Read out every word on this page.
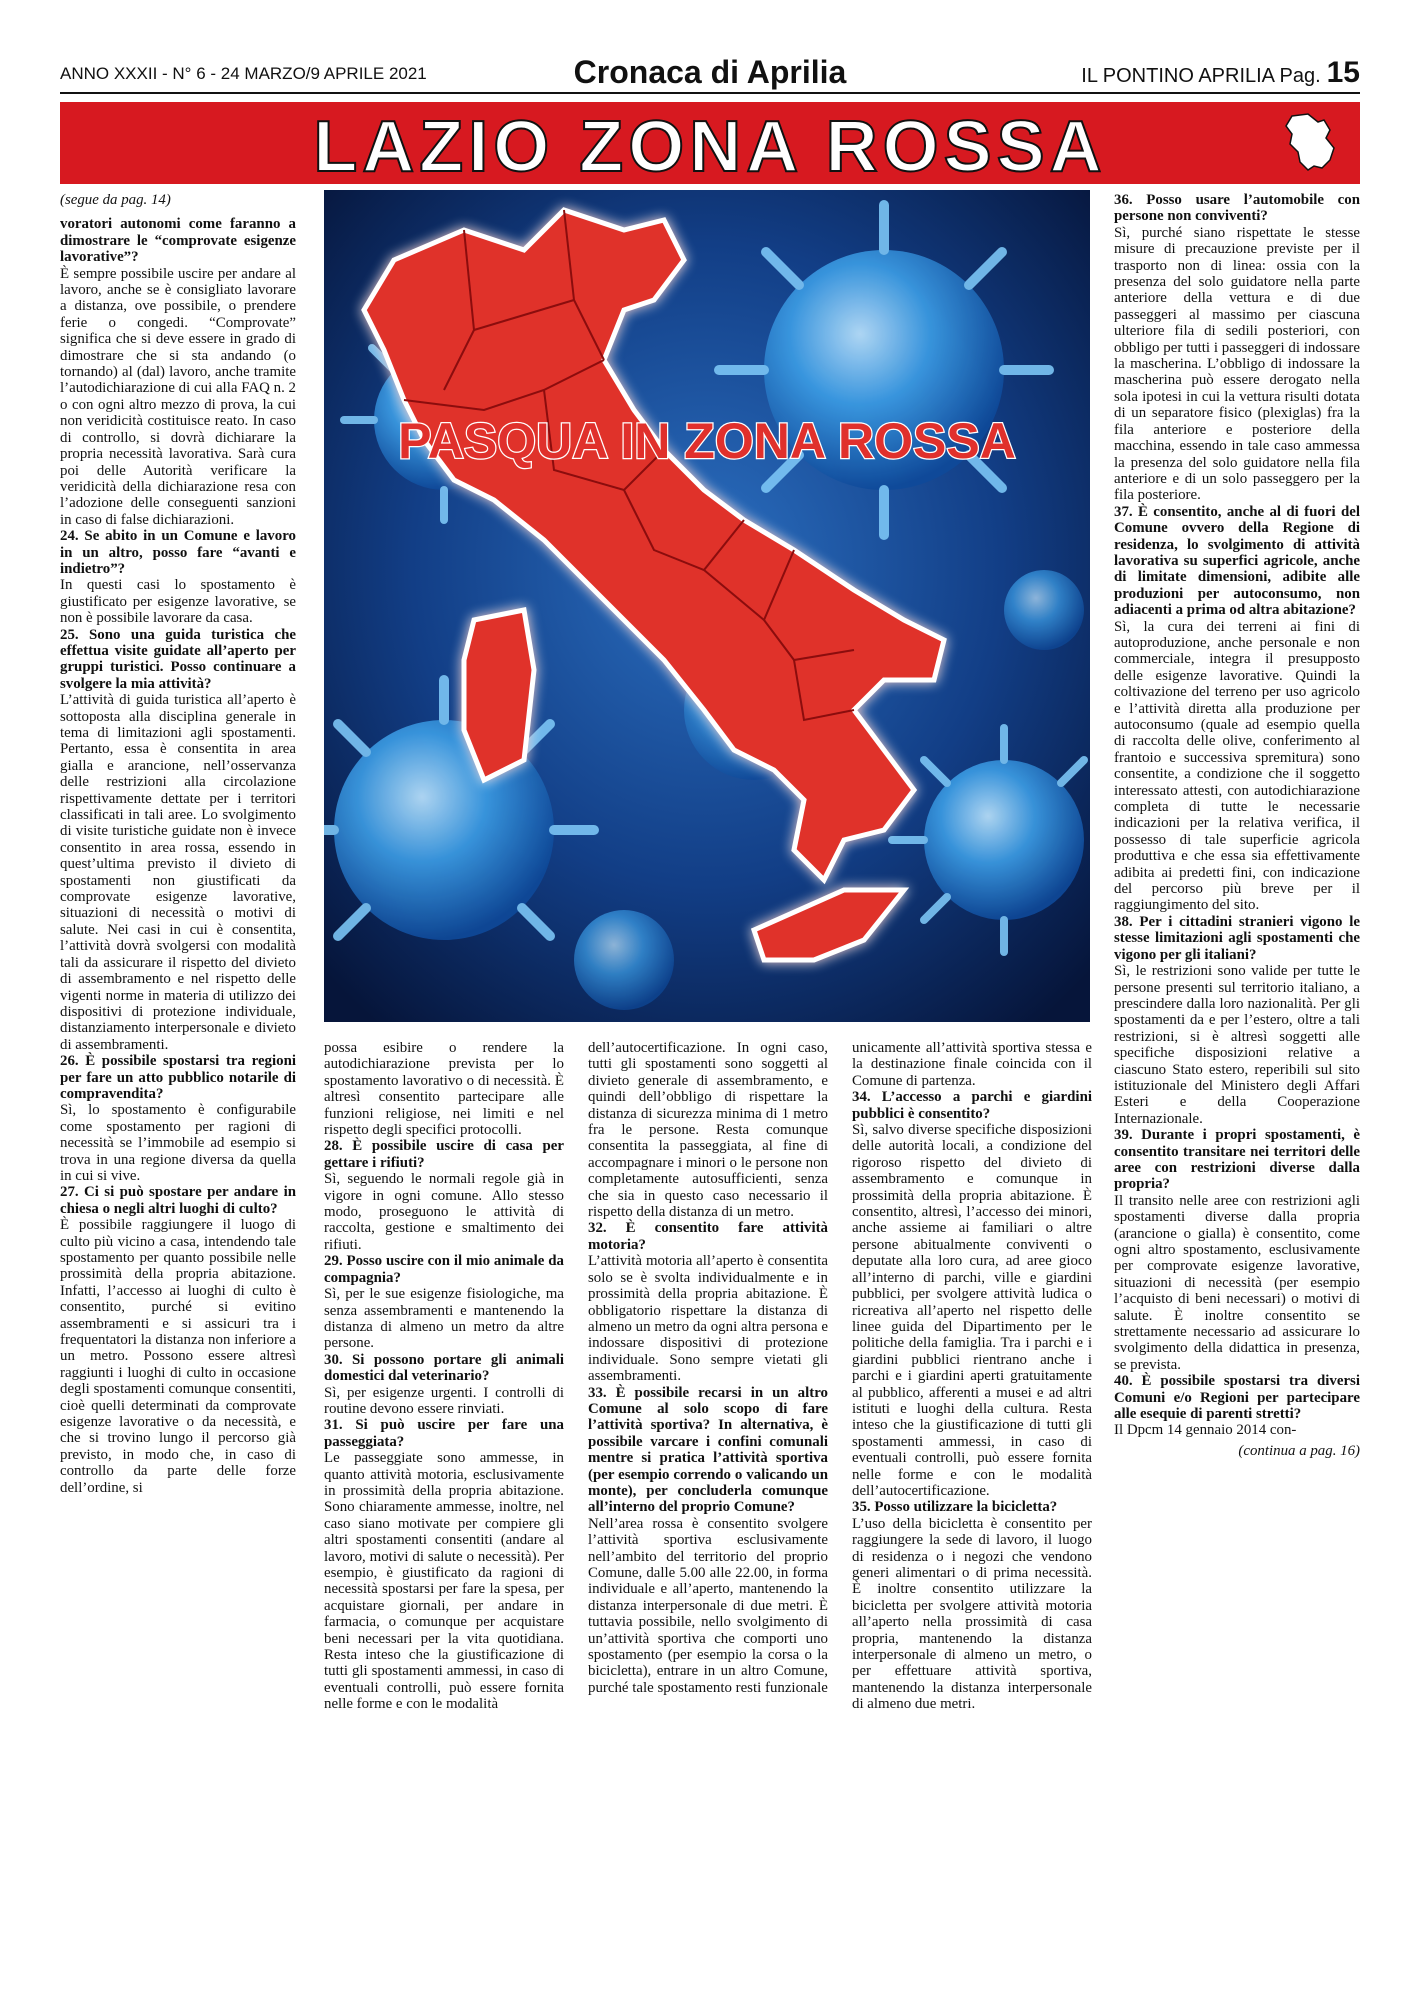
ANNO XXXII - N° 6 - 24 MARZO/9 APRILE 2021	Cronaca di Aprilia	IL PONTINO APRILIA Pag. 15
LAZIO ZONA ROSSA
PASQUA IN ZONA ROSSA

(segue da pag. 14)

voratori autonomi come faranno a dimostrare le “comprovate esigenze lavorative”?

È sempre possibile uscire per andare al lavoro, anche se è consigliato lavorare a distanza, ove possibile, o prendere ferie o congedi. “Comprovate” significa che si deve essere in grado di dimostrare che si sta andando (o tornando) al (dal) lavoro, anche tramite l’autodichiarazione di cui alla FAQ n. 2 o con ogni altro mezzo di prova, la cui non veridicità costituisce reato. In caso di controllo, si dovrà dichiarare la propria necessità lavorativa. Sarà cura poi delle Autorità verificare la veridicità della dichiarazione resa con l’adozione delle conseguenti sanzioni in caso di false dichiarazioni.

24. Se abito in un Comune e lavoro in un altro, posso fare “avanti e indietro”?

In questi casi lo spostamento è giustificato per esigenze lavorative, se non è possibile lavorare da casa.

25. Sono una guida turistica che effettua visite guidate all’aperto per gruppi turistici. Posso continuare a svolgere la mia attività?

L’attività di guida turistica all’aperto è sottoposta alla disciplina generale in tema di limitazioni agli spostamenti. Pertanto, essa è consentita in area gialla e arancione, nell’osservanza delle restrizioni alla circolazione rispettivamente dettate per i territori classificati in tali aree. Lo svolgimento di visite turistiche guidate non è invece consentito in area rossa, essendo in quest’ultima previsto il divieto di spostamenti non giustificati da comprovate esigenze lavorative, situazioni di necessità o motivi di salute. Nei casi in cui è consentita, l’attività dovrà svolgersi con modalità tali da assicurare il rispetto del divieto di assembramento e nel rispetto delle vigenti norme in materia di utilizzo dei dispositivi di protezione individuale, distanziamento interpersonale e divieto di assembramenti.

26. È possibile spostarsi tra regioni per fare un atto pubblico notarile di compravendita?

Sì, lo spostamento è configurabile come spostamento per ragioni di necessità se l’immobile ad esempio si trova in una regione diversa da quella in cui si vive.

27. Ci si può spostare per andare in chiesa o negli altri luoghi di culto?

È possibile raggiungere il luogo di culto più vicino a casa, intendendo tale spostamento per quanto possibile nelle prossimità della propria abitazione. Infatti, l’accesso ai luoghi di culto è consentito, purché si evitino assembramenti e si assicuri tra i frequentatori la distanza non inferiore a un metro. Possono essere altresì raggiunti i luoghi di culto in occasione degli spostamenti comunque consentiti, cioè quelli determinati da comprovate esigenze lavorative o da necessità, e che si trovino lungo il percorso già previsto, in modo che, in caso di controllo da parte delle forze dell’ordine, si

possa esibire o rendere la autodichiarazione prevista per lo spostamento lavorativo o di necessità. È altresì consentito partecipare alle funzioni religiose, nei limiti e nel rispetto degli specifici protocolli.

28. È possibile uscire di casa per gettare i rifiuti?

Sì, seguendo le normali regole già in vigore in ogni comune. Allo stesso modo, proseguono le attività di raccolta, gestione e smaltimento dei rifiuti.

29. Posso uscire con il mio animale da compagnia?

Sì, per le sue esigenze fisiologiche, ma senza assembramenti e mantenendo la distanza di almeno un metro da altre persone.

30. Si possono portare gli animali domestici dal veterinario?

Sì, per esigenze urgenti. I controlli di routine devono essere rinviati.

31. Si può uscire per fare una passeggiata?

Le passeggiate sono ammesse, in quanto attività motoria, esclusivamente in prossimità della propria abitazione. Sono chiaramente ammesse, inoltre, nel caso siano motivate per compiere gli altri spostamenti consentiti (andare al lavoro, motivi di salute o necessità). Per esempio, è giustificato da ragioni di necessità spostarsi per fare la spesa, per acquistare giornali, per andare in farmacia, o comunque per acquistare beni necessari per la vita quotidiana. Resta inteso che la giustificazione di tutti gli spostamenti ammessi, in caso di eventuali controlli, può essere fornita nelle forme e con le modalità

dell’autocertificazione. In ogni caso, tutti gli spostamenti sono soggetti al divieto generale di assembramento, e quindi dell’obbligo di rispettare la distanza di sicurezza minima di 1 metro fra le persone. Resta comunque consentita la passeggiata, al fine di accompagnare i minori o le persone non completamente autosufficienti, senza che sia in questo caso necessario il rispetto della distanza di un metro.

32. È consentito fare attività motoria?

L’attività motoria all’aperto è consentita solo se è svolta individualmente e in prossimità della propria abitazione. È obbligatorio rispettare la distanza di almeno un metro da ogni altra persona e indossare dispositivi di protezione individuale. Sono sempre vietati gli assembramenti.

33. È possibile recarsi in un altro Comune al solo scopo di fare l’attività sportiva? In alternativa, è possibile varcare i confini comunali mentre si pratica l’attività sportiva (per esempio correndo o valicando un monte), per concluderla comunque all’interno del proprio Comune?

Nell’area rossa è consentito svolgere l’attività sportiva esclusivamente nell’ambito del territorio del proprio Comune, dalle 5.00 alle 22.00, in forma individuale e all’aperto, mantenendo la distanza interpersonale di due metri. È tuttavia possibile, nello svolgimento di un’attività sportiva che comporti uno spostamento (per esempio la corsa o la bicicletta), entrare in un altro Comune, purché tale spostamento resti funzionale

unicamente all’attività sportiva stessa e la destinazione finale coincida con il Comune di partenza.

34. L’accesso a parchi e giardini pubblici è consentito?

Sì, salvo diverse specifiche disposizioni delle autorità locali, a condizione del rigoroso rispetto del divieto di assembramento e comunque in prossimità della propria abitazione. È consentito, altresì, l’accesso dei minori, anche assieme ai familiari o altre persone abitualmente conviventi o deputate alla loro cura, ad aree gioco all’interno di parchi, ville e giardini pubblici, per svolgere attività ludica o ricreativa all’aperto nel rispetto delle linee guida del Dipartimento per le politiche della famiglia. Tra i parchi e i giardini pubblici rientrano anche i parchi e i giardini aperti gratuitamente al pubblico, afferenti a musei e ad altri istituti e luoghi della cultura. Resta inteso che la giustificazione di tutti gli spostamenti ammessi, in caso di eventuali controlli, può essere fornita nelle forme e con le modalità dell’autocertificazione.

35. Posso utilizzare la bicicletta?

L’uso della bicicletta è consentito per raggiungere la sede di lavoro, il luogo di residenza o i negozi che vendono generi alimentari o di prima necessità. È inoltre consentito utilizzare la bicicletta per svolgere attività motoria all’aperto nella prossimità di casa propria, mantenendo la distanza interpersonale di almeno un metro, o per effettuare attività sportiva, mantenendo la distanza interpersonale di almeno due metri.

36. Posso usare l’automobile con persone non conviventi?

Sì, purché siano rispettate le stesse misure di precauzione previste per il trasporto non di linea: ossia con la presenza del solo guidatore nella parte anteriore della vettura e di due passeggeri al massimo per ciascuna ulteriore fila di sedili posteriori, con obbligo per tutti i passeggeri di indossare la mascherina. L’obbligo di indossare la mascherina può essere derogato nella sola ipotesi in cui la vettura risulti dotata di un separatore fisico (plexiglas) fra la fila anteriore e posteriore della macchina, essendo in tale caso ammessa la presenza del solo guidatore nella fila anteriore e di un solo passeggero per la fila posteriore.

37. È consentito, anche al di fuori del Comune ovvero della Regione di residenza, lo svolgimento di attività lavorativa su superfici agricole, anche di limitate dimensioni, adibite alle produzioni per autoconsumo, non adiacenti a prima od altra abitazione?

Sì, la cura dei terreni ai fini di autoproduzione, anche personale e non commerciale, integra il presupposto delle esigenze lavorative. Quindi la coltivazione del terreno per uso agricolo e l’attività diretta alla produzione per autoconsumo (quale ad esempio quella di raccolta delle olive, conferimento al frantoio e successiva spremitura) sono consentite, a condizione che il soggetto interessato attesti, con autodichiarazione completa di tutte le necessarie indicazioni per la relativa verifica, il possesso di tale superficie agricola produttiva e che essa sia effettivamente adibita ai predetti fini, con indicazione del percorso più breve per il raggiungimento del sito.

38. Per i cittadini stranieri vigono le stesse limitazioni agli spostamenti che vigono per gli italiani?

Sì, le restrizioni sono valide per tutte le persone presenti sul territorio italiano, a prescindere dalla loro nazionalità. Per gli spostamenti da e per l’estero, oltre a tali restrizioni, si è altresì soggetti alle specifiche disposizioni relative a ciascuno Stato estero, reperibili sul sito istituzionale del Ministero degli Affari Esteri e della Cooperazione Internazionale.

39. Durante i propri spostamenti, è consentito transitare nei territori delle aree con restrizioni diverse dalla propria?

Il transito nelle aree con restrizioni agli spostamenti diverse dalla propria (arancione o gialla) è consentito, come ogni altro spostamento, esclusivamente per comprovate esigenze lavorative, situazioni di necessità (per esempio l’acquisto di beni necessari) o motivi di salute. È inoltre consentito se strettamente necessario ad assicurare lo svolgimento della didattica in presenza, se prevista.

40. È possibile spostarsi tra diversi Comuni e/o Regioni per partecipare alle esequie di parenti stretti?

Il Dpcm 14 gennaio 2014 con-

(continua a pag. 16)
